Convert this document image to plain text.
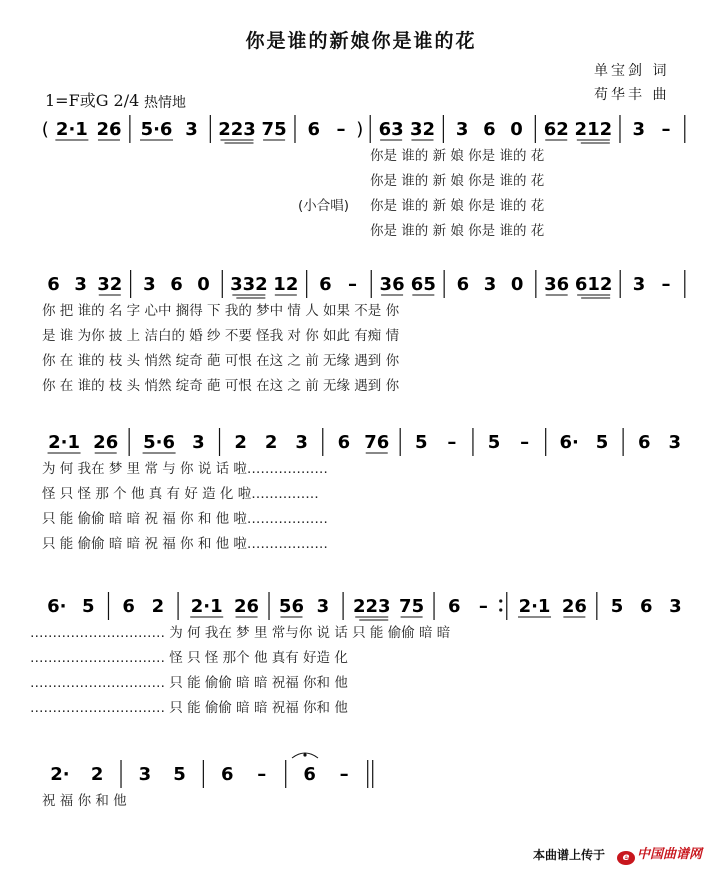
你是谁的新娘你是谁的花
单宝剑 词
苟华丰 曲
1=F或G 2/4 热情地
( 2·1 26 5·6 3 223 75 6 – ) 63 32 3 6 0 62 212 3 –
(小合唱)
你是 谁的 新 娘 你是 谁的 花
你是 谁的 新 娘 你是 谁的 花
你是 谁的 新 娘 你是 谁的 花
你是 谁的 新 娘 你是 谁的 花
6 3 32 3 6 0 332 12 6 – 36 65 6 3 0 36 612 3 –
你 把 谁的 名 字 心中 搁得 下 我的 梦中 情 人 如果 不是 你
是 谁 为你 披 上 洁白的 婚 纱 不要 怪我 对 你 如此 有痴 情
你 在 谁的 枝 头 悄然 绽奇 葩 可恨 在这 之 前 无缘 遇到 你
你 在 谁的 枝 头 悄然 绽奇 葩 可恨 在这 之 前 无缘 遇到 你
2·1 26 5·6 3 2 2 3 6 76 5 – 5 – 6· 5 6 3
为 何 我在 梦 里 常 与 你 说 话 啦………………
怪 只 怪 那 个 他 真 有 好 造 化 啦……………
只 能 偷偷 暗 暗 祝 福 你 和 他 啦………………
只 能 偷偷 暗 暗 祝 福 你 和 他 啦………………
6· 5 6 2 2·1 26 56 3 223 75 6 – 2·1 26 5 6 3
………………………… 为 何 我在 梦 里 常与你 说 话 只 能 偷偷 暗 暗
………………………… 怪 只 怪 那个 他 真有 好造 化
………………………… 只 能 偷偷 暗 暗 祝福 你和 他
………………………… 只 能 偷偷 暗 暗 祝福 你和 他
2· 2 3 5 6 – 6 –
祝 福 你 和 他
本曲谱上传于	e 中国曲谱网
